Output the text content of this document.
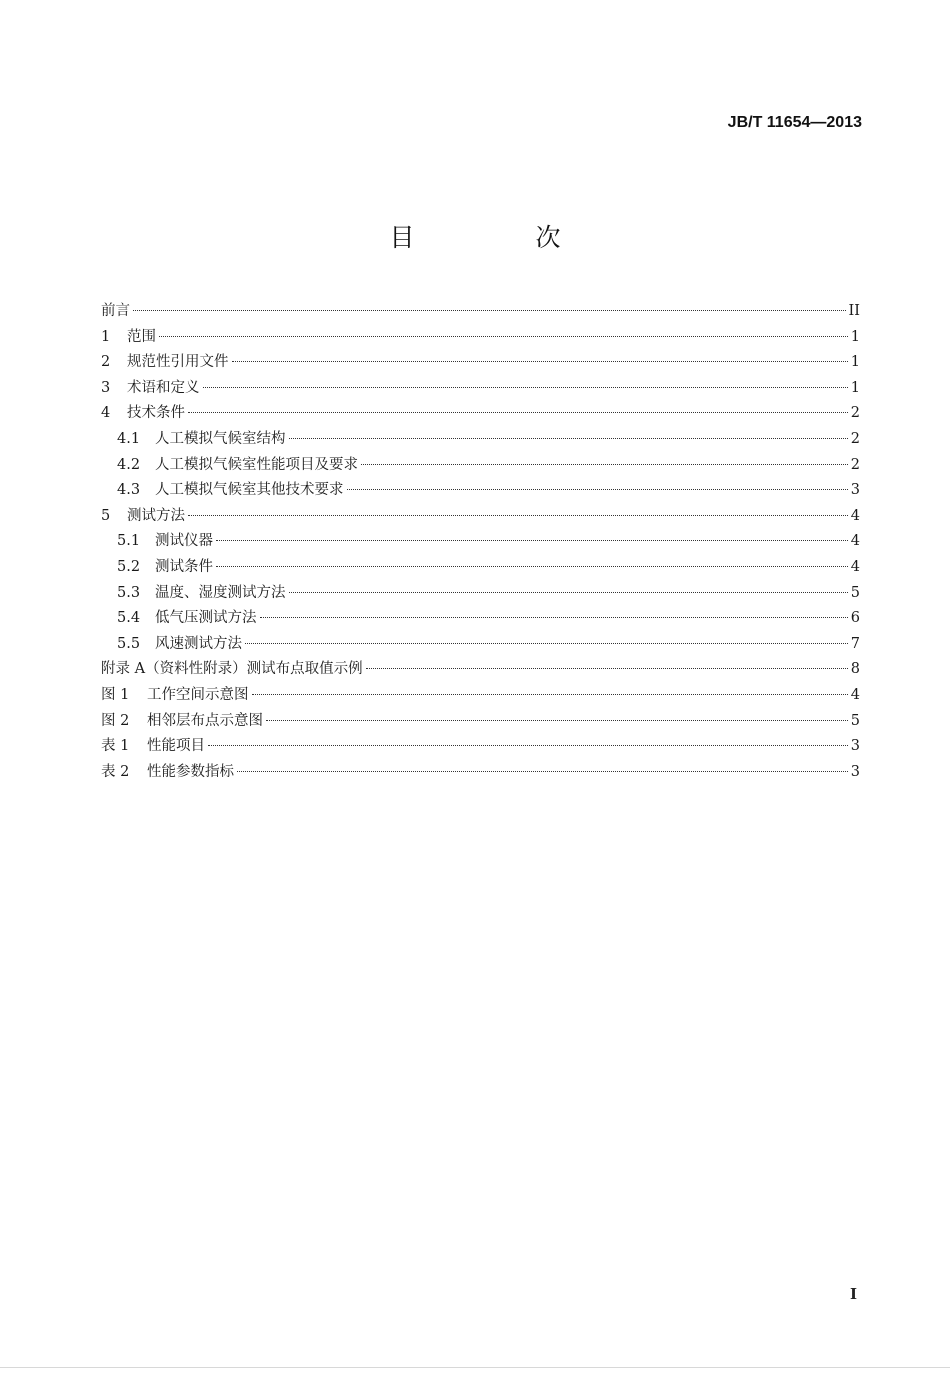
JB/T 11654—2013
目　次
前言	II
1	范围	1
2	规范性引用文件	1
3	术语和定义	1
4	技术条件	2
4.1	人工模拟气候室结构	2
4.2	人工模拟气候室性能项目及要求	2
4.3	人工模拟气候室其他技术要求	3
5	测试方法	4
5.1	测试仪器	4
5.2	测试条件	4
5.3	温度、湿度测试方法	5
5.4	低气压测试方法	6
5.5	风速测试方法	7
附录 A（资料性附录）测试布点取值示例	8
图 1	工作空间示意图	4
图 2	相邻层布点示意图	5
表 1	性能项目	3
表 2	性能参数指标	3
I
